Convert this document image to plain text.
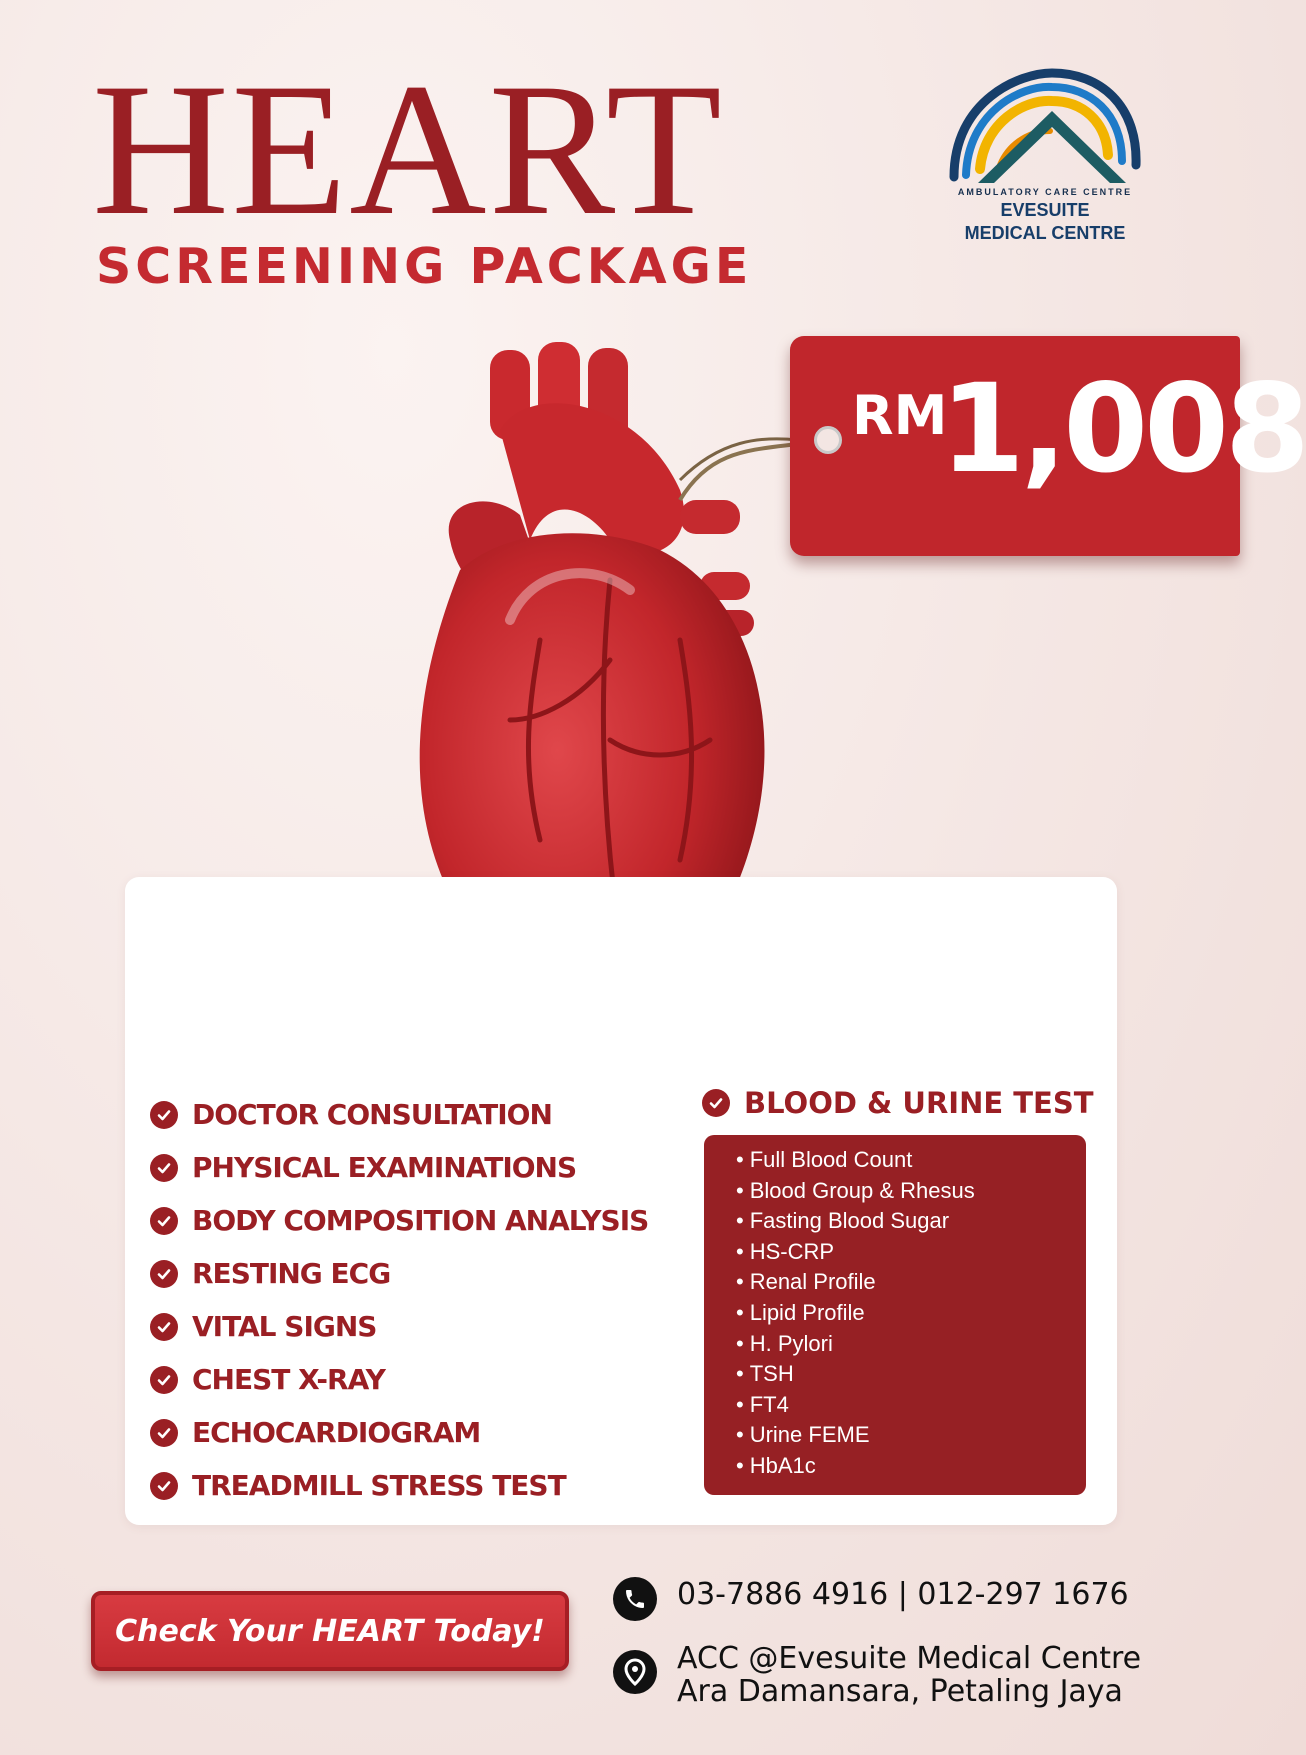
HEART
SCREENING PACKAGE
AMBULATORY CARE CENTRE
EVESUITE
MEDICAL CENTRE
RM
1,008
DOCTOR CONSULTATION
PHYSICAL EXAMINATIONS
BODY COMPOSITION ANALYSIS
RESTING ECG
VITAL SIGNS
CHEST X-RAY
ECHOCARDIOGRAM
TREADMILL STRESS TEST
BLOOD & URINE TEST
• Full Blood Count
• Blood Group & Rhesus
• Fasting Blood Sugar
• HS-CRP
• Renal Profile
• Lipid Profile
• H. Pylori
• TSH
• FT4
• Urine FEME
• HbA1c
Check Your HEART Today!
03-7886 4916 | 012-297 1676
ACC @Evesuite Medical Centre
Ara Damansara, Petaling Jaya
